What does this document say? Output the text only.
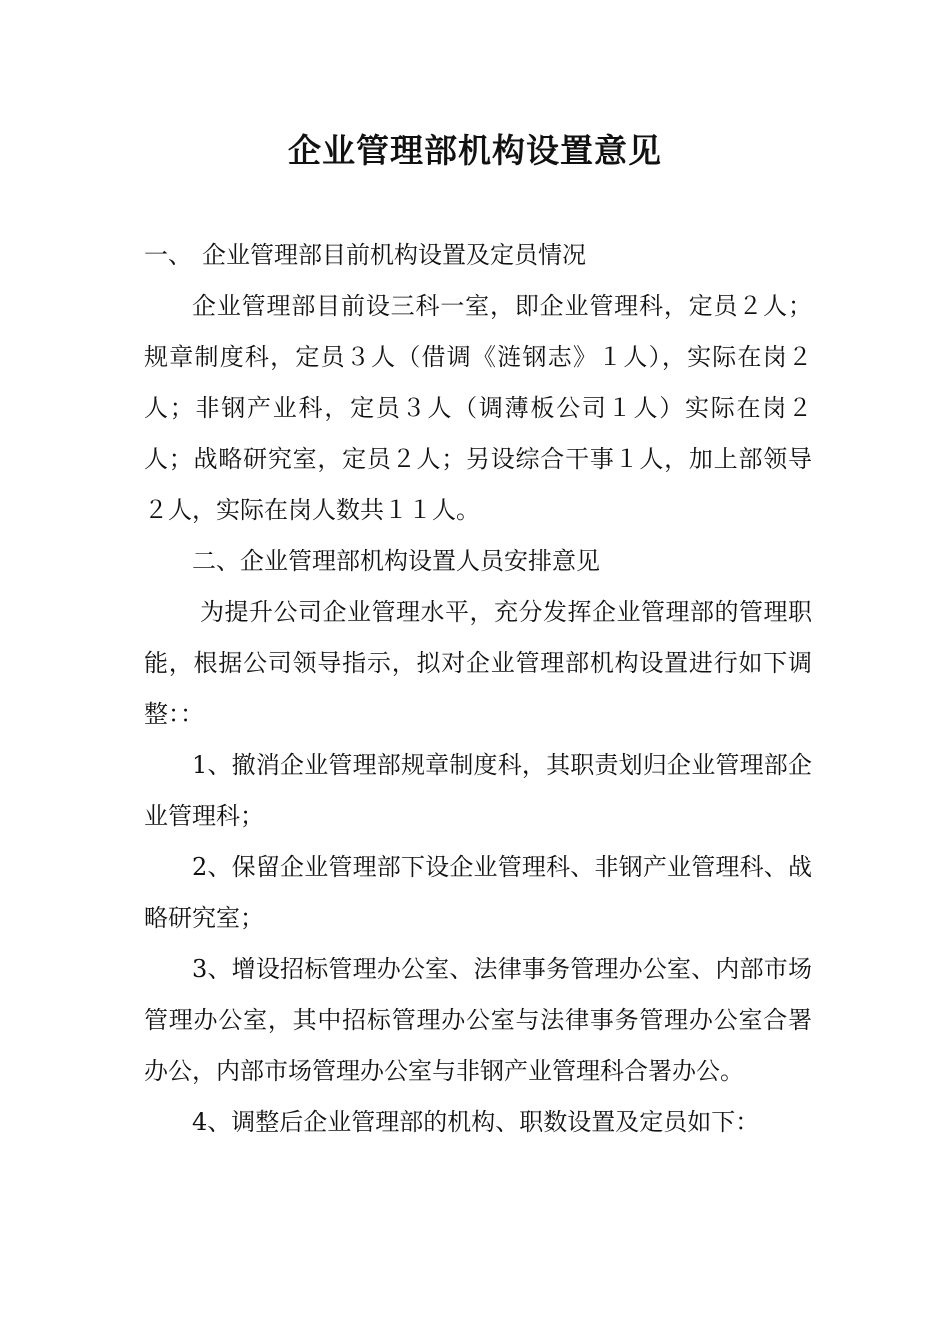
企业管理部机构设置意见

一、 企业管理部目前机构设置及定员情况

企业管理部目前设三科一室，即企业管理科，定员２人；规章制度科，定员３人（借调《涟钢志》１人），实际在岗２人；非钢产业科，定员３人（调薄板公司１人）实际在岗２人；战略研究室，定员２人；另设综合干事１人，加上部领导２人，实际在岗人数共１１人。

二、企业管理部机构设置人员安排意见

为提升公司企业管理水平，充分发挥企业管理部的管理职能，根据公司领导指示，拟对企业管理部机构设置进行如下调整：：

1、撤消企业管理部规章制度科，其职责划归企业管理部企业管理科；

2、保留企业管理部下设企业管理科、非钢产业管理科、战略研究室；

3、增设招标管理办公室、法律事务管理办公室、内部市场管理办公室，其中招标管理办公室与法律事务管理办公室合署办公，内部市场管理办公室与非钢产业管理科合署办公。

4、调整后企业管理部的机构、职数设置及定员如下：
